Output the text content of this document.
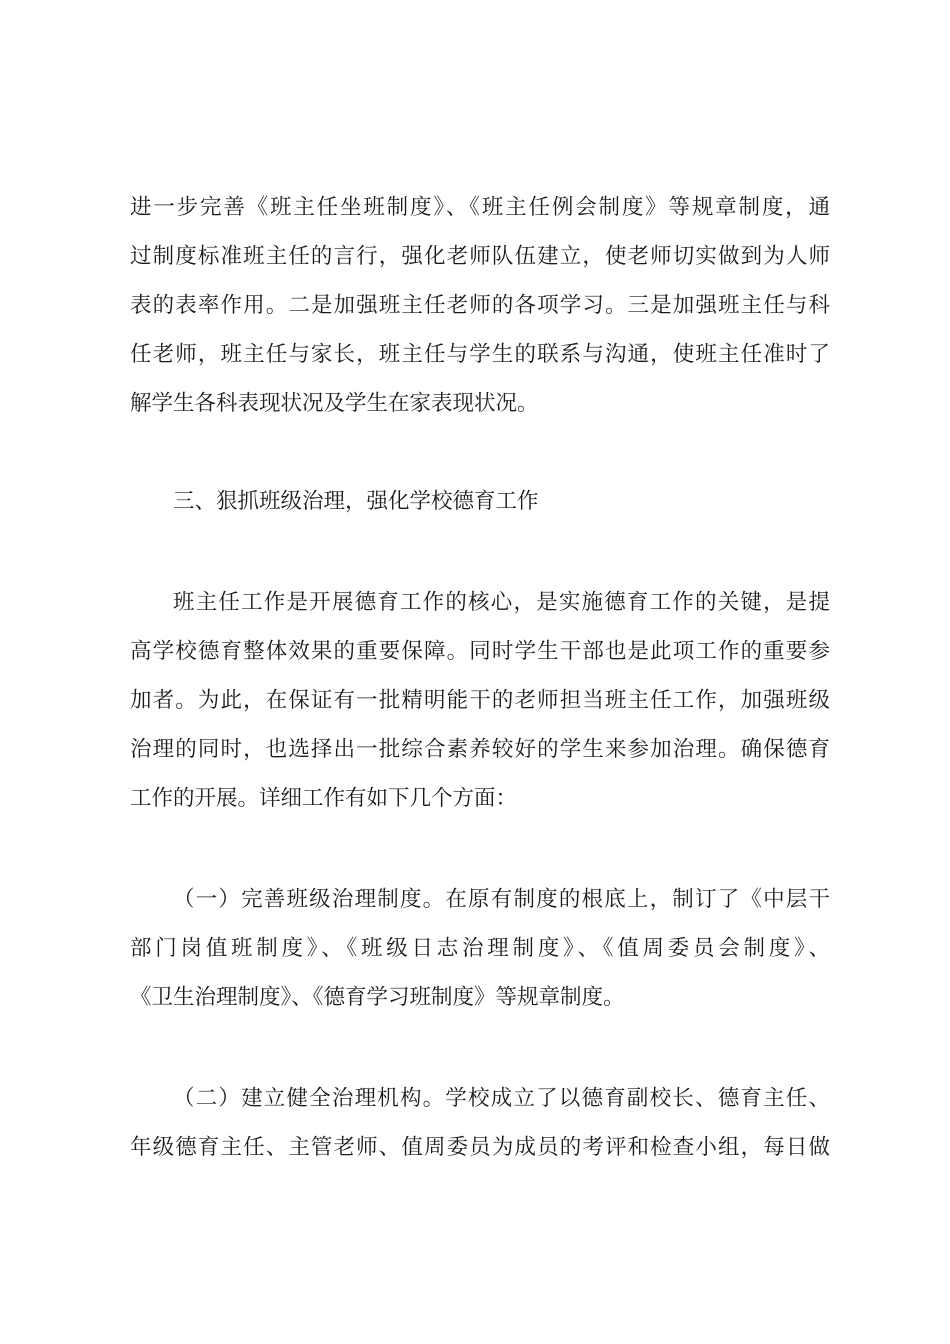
进一步完善《班主任坐班制度》、《班主任例会制度》等规章制度，通
过制度标准班主任的言行，强化老师队伍建立，使老师切实做到为人师
表的表率作用。二是加强班主任老师的各项学习。三是加强班主任与科
任老师，班主任与家长，班主任与学生的联系与沟通，使班主任准时了
解学生各科表现状况及学生在家表现状况。
三、狠抓班级治理，强化学校德育工作
班主任工作是开展德育工作的核心，是实施德育工作的关键，是提
高学校德育整体效果的重要保障。同时学生干部也是此项工作的重要参
加者。为此，在保证有一批精明能干的老师担当班主任工作，加强班级
治理的同时，也选择出一批综合素养较好的学生来参加治理。确保德育
工作的开展。详细工作有如下几个方面：
（一）完善班级治理制度。在原有制度的根底上，制订了《中层干
部门岗值班制度》、《班级日志治理制度》、《值周委员会制度》、
《卫生治理制度》、《德育学习班制度》等规章制度。
（二）建立健全治理机构。学校成立了以德育副校长、德育主任、
年级德育主任、主管老师、值周委员为成员的考评和检查小组，每日做
